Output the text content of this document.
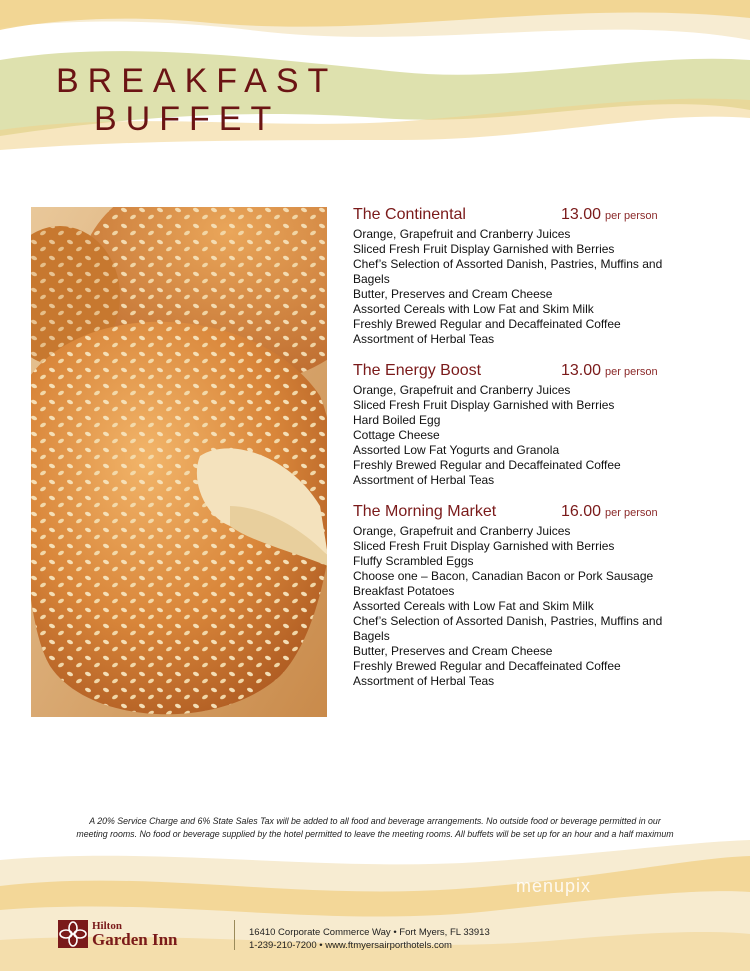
BREAKFAST
BUFFET
The Continental	13.00 per person
Orange, Grapefruit and Cranberry Juices
Sliced Fresh Fruit Display Garnished with Berries
Chef’s Selection of Assorted Danish, Pastries, Muffins and
Bagels
Butter, Preserves and Cream Cheese
Assorted Cereals with Low Fat and Skim Milk
Freshly Brewed Regular and Decaffeinated Coffee
Assortment of Herbal Teas
The Energy Boost	13.00 per person
Orange, Grapefruit and Cranberry Juices
Sliced Fresh Fruit Display Garnished with Berries
Hard Boiled Egg
Cottage Cheese
Assorted Low Fat Yogurts and Granola
Freshly Brewed Regular and Decaffeinated Coffee
Assortment of Herbal Teas
The Morning Market	16.00 per person
Orange, Grapefruit and Cranberry Juices
Sliced Fresh Fruit Display Garnished with Berries
Fluffy Scrambled Eggs
Choose one – Bacon, Canadian Bacon or Pork Sausage
Breakfast Potatoes
Assorted Cereals with Low Fat and Skim Milk
Chef’s Selection of Assorted Danish, Pastries, Muffins and
Bagels
Butter, Preserves and Cream Cheese
Freshly Brewed Regular and Decaffeinated Coffee
Assortment of Herbal Teas
A 20% Service Charge and 6% State Sales Tax will be added to all food and beverage arrangements. No outside food or beverage permitted in our
meeting rooms. No food or beverage supplied by the hotel permitted to leave the meeting rooms. All buffets will be set up for an hour and a half maximum
menupix
Hilton
Garden Inn	16410 Corporate Commerce Way • Fort Myers, FL 33913
1-239-210-7200 • www.ftmyersairporthotels.com
